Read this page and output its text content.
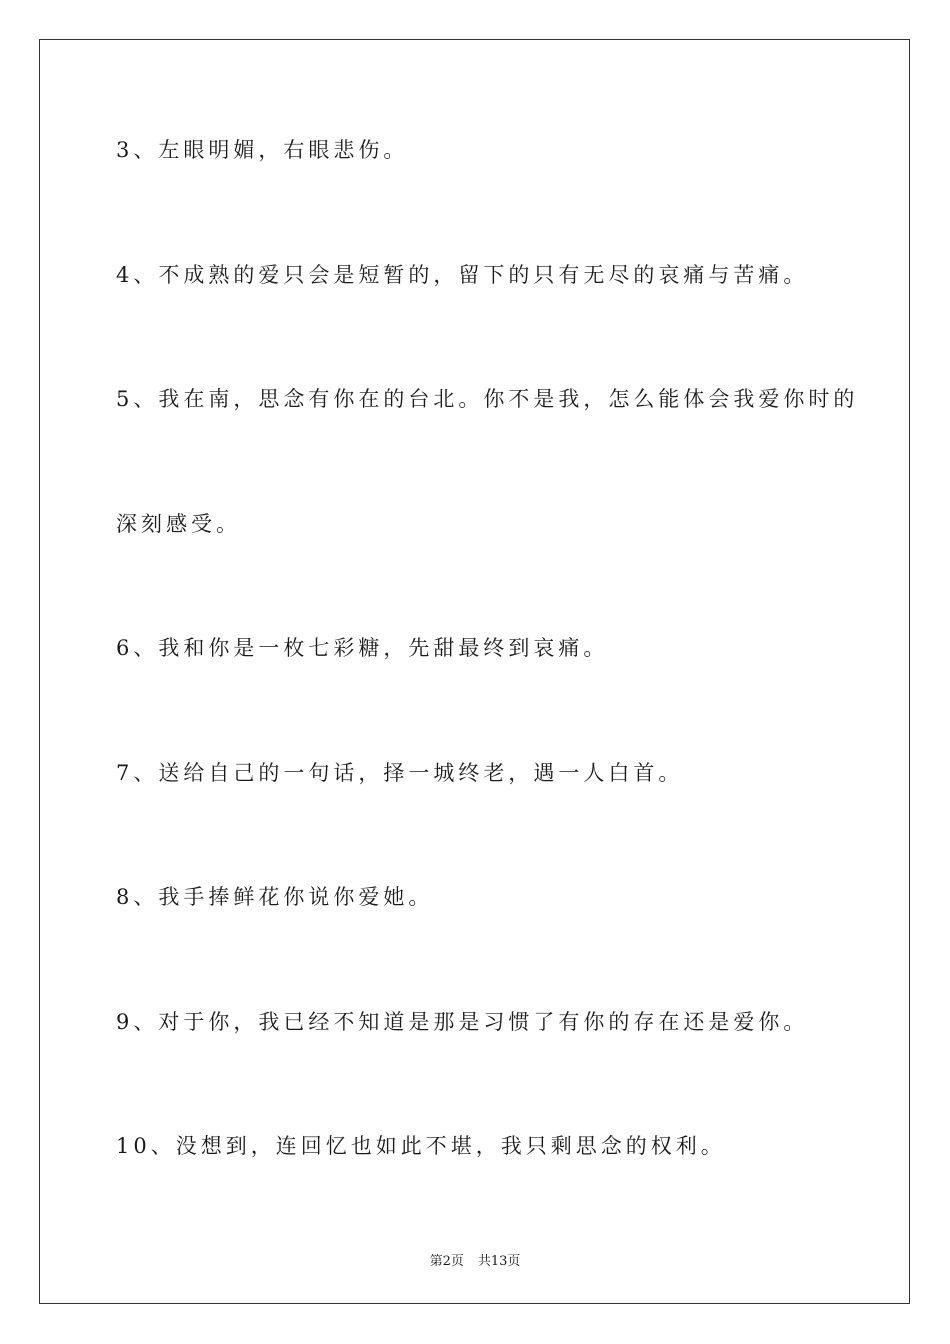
3、左眼明媚，右眼悲伤。
4、不成熟的爱只会是短暂的，留下的只有无尽的哀痛与苦痛。
5、我在南，思念有你在的台北。你不是我，怎么能体会我爱你时的
深刻感受。
6、我和你是一枚七彩糖，先甜最终到哀痛。
7、送给自己的一句话，择一城终老，遇一人白首。
8、我手捧鲜花你说你爱她。
9、对于你，我已经不知道是那是习惯了有你的存在还是爱你。
10、没想到，连回忆也如此不堪，我只剩思念的权利。
第2页 共13页
